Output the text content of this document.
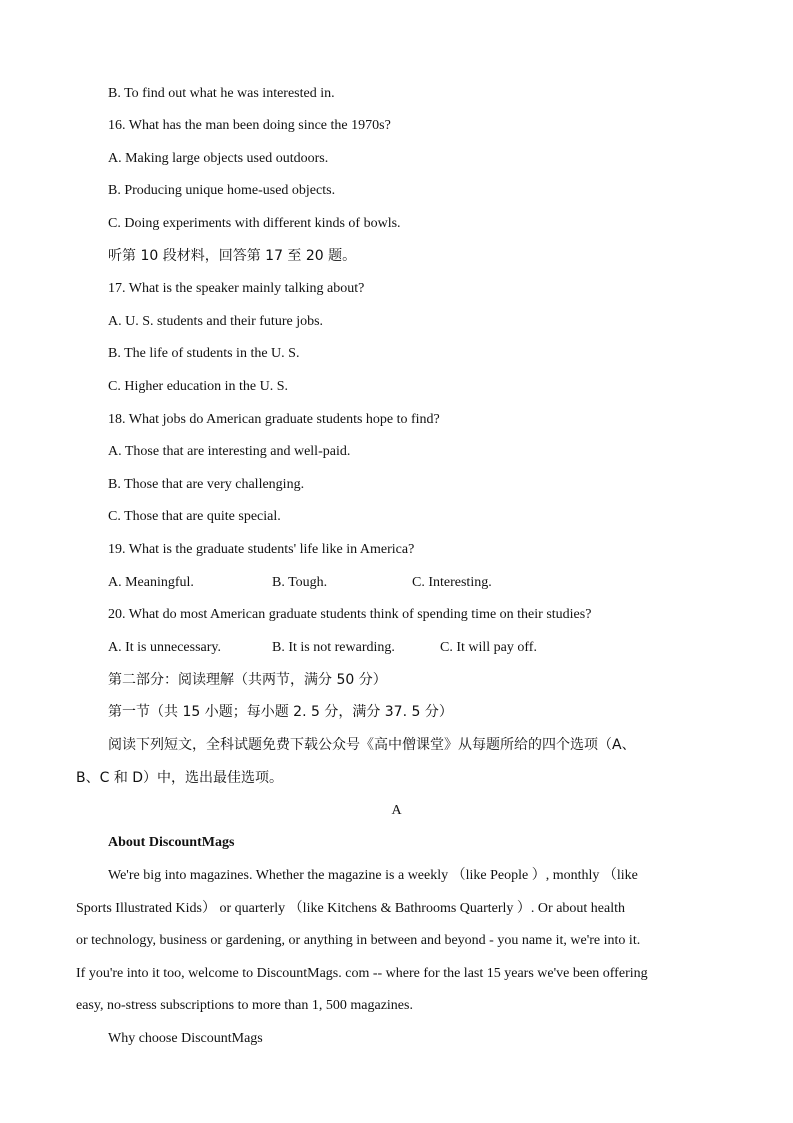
B. To find out what he was interested in.
16. What has the man been doing since the 1970s?
A. Making large objects used outdoors.
B. Producing unique home-used objects.
C. Doing experiments with different kinds of bowls.
听第 10 段材料，回答第 17 至 20 题。
17. What is the speaker mainly talking about?
A. U. S. students and their future jobs.
B. The life of students in the U. S.
C. Higher education in the U. S.
18. What jobs do American graduate students hope to find?
A. Those that are interesting and well-paid.
B. Those that are very challenging.
C. Those that are quite special.
19. What is the graduate students' life like in America?
A. Meaningful.	B. Tough.	C. Interesting.
20. What do most American graduate students think of spending time on their studies?
A. It is unnecessary.	B. It is not rewarding.	C. It will pay off.
第二部分：阅读理解（共两节，满分 50 分）
第一节（共 15 小题；每小题 2. 5 分，满分 37. 5 分）
阅读下列短文，全科试题免费下载公众号《高中僧课堂》从每题所给的四个选项（A、
B、C 和 D）中，选出最佳选项。
A
About DiscountMags
We're big into magazines. Whether the magazine is a weekly （like People ）, monthly （like
Sports Illustrated Kids） or quarterly （like Kitchens & Bathrooms Quarterly ）. Or about health
or technology, business or gardening, or anything in between and beyond - you name it, we're into it.
If you're into it too, welcome to DiscountMags. com -- where for the last 15 years we've been offering
easy, no-stress subscriptions to more than 1, 500 magazines.
Why choose DiscountMags
